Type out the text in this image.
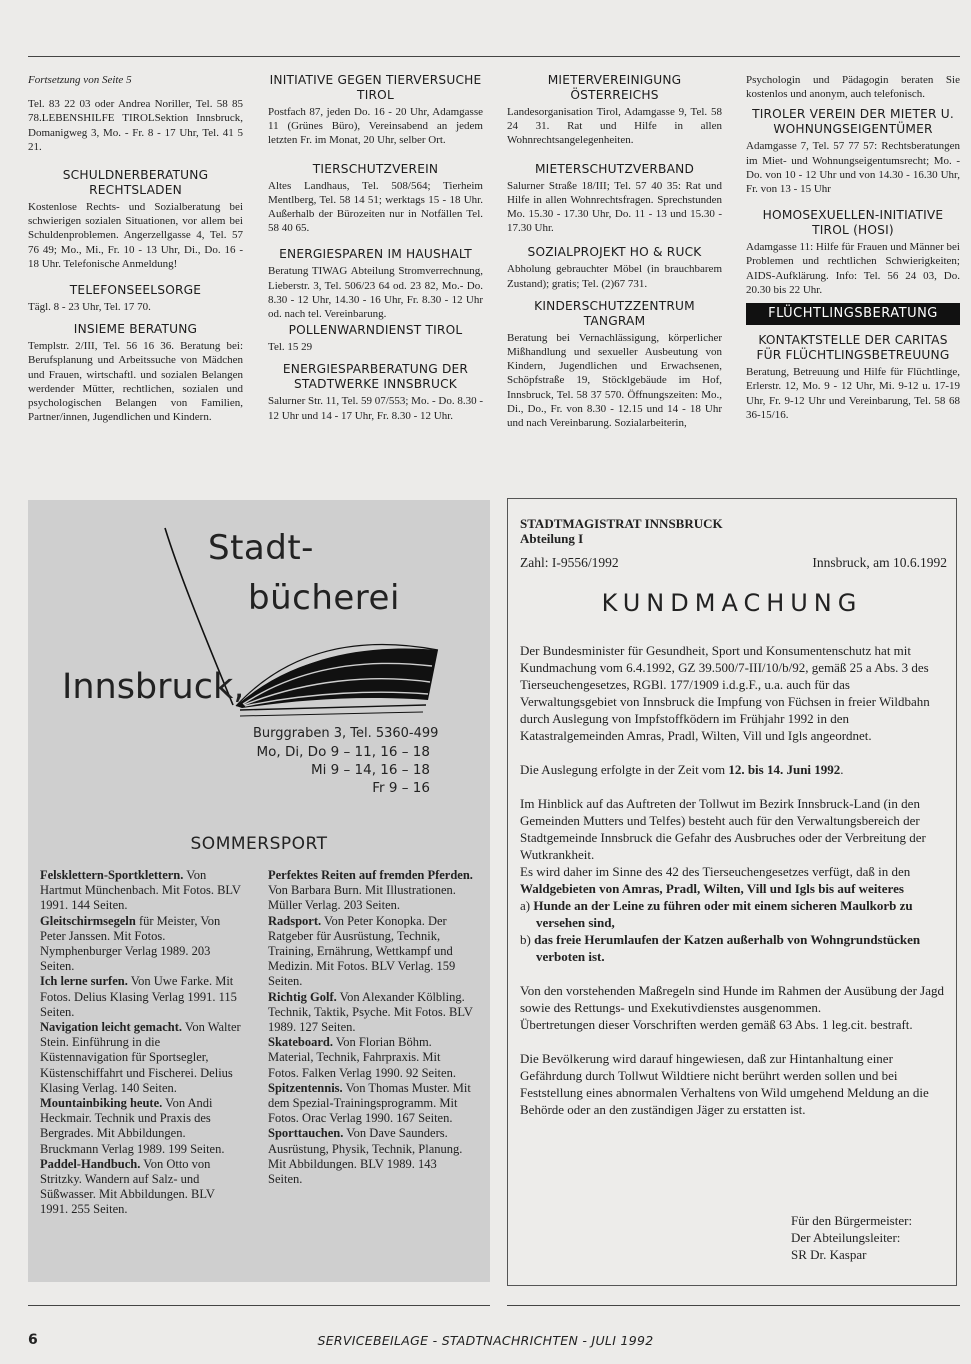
Fortsetzung von Seite 5

Tel. 83 22 03 oder Andrea Noriller, Tel. 58 85 78.LEBENSHILFE TIROLSektion Innsbruck, Domanigweg 3, Mo. - Fr. 8 - 17 Uhr, Tel. 41 5 21.

SCHULDNERBERATUNG RECHTSLADEN

Kostenlose Rechts- und Sozialberatung bei schwierigen sozialen Situationen, vor allem bei Schuldenproblemen. Angerzellgasse 4, Tel. 57 76 49; Mo., Mi., Fr. 10 - 13 Uhr, Di., Do. 16 - 18 Uhr. Telefonische Anmeldung!

TELEFONSEELSORGE

Tägl. 8 - 23 Uhr, Tel. 17 70.

INSIEME BERATUNG

Templstr. 2/III, Tel. 56 16 36. Beratung bei: Berufsplanung und Arbeitssuche von Mädchen und Frauen, wirtschaftl. und sozialen Belangen werdender Mütter, rechtlichen, sozialen und psychologischen Belangen von Familien, Partner/innen, Jugendlichen und Kindern.

INITIATIVE GEGEN TIERVERSUCHE TIROL

Postfach 87, jeden Do. 16 - 20 Uhr, Adamgasse 11 (Grünes Büro), Vereinsabend an jedem letzten Fr. im Monat, 20 Uhr, selber Ort.

TIERSCHUTZVEREIN

Altes Landhaus, Tel. 508/564; Tierheim Mentlberg, Tel. 58 14 51; werktags 15 - 18 Uhr. Außerhalb der Bürozeiten nur in Notfällen Tel. 58 40 65.

ENERGIESPAREN IM HAUSHALT

Beratung TIWAG Abteilung Stromverrechnung, Lieberstr. 3, Tel. 506/23 64 od. 23 82, Mo.- Do. 8.30 - 12 Uhr, 14.30 - 16 Uhr, Fr. 8.30 - 12 Uhr od. nach tel. Vereinbarung.

POLLENWARNDIENST TIROL

Tel. 15 29

ENERGIESPARBERATUNG DER STADTWERKE INNSBRUCK

Salurner Str. 11, Tel. 59 07/553; Mo. - Do. 8.30 - 12 Uhr und 14 - 17 Uhr, Fr. 8.30 - 12 Uhr.

MIETERVEREINIGUNG ÖSTERREICHS

Landesorganisation Tirol, Adamgasse 9, Tel. 58 24 31. Rat und Hilfe in allen Wohnrechtsangelegenheiten.

MIETERSCHUTZVERBAND

Salurner Straße 18/III; Tel. 57 40 35: Rat und Hilfe in allen Wohnrechtsfragen. Sprechstunden Mo. 15.30 - 17.30 Uhr, Do. 11 - 13 und 15.30 - 17.30 Uhr.

SOZIALPROJEKT HO & RUCK

Abholung gebrauchter Möbel (in brauchbarem Zustand); gratis; Tel. (2)67 731.

KINDERSCHUTZZENTRUM TANGRAM

Beratung bei Vernachlässigung, körperlicher Mißhandlung und sexueller Ausbeutung von Kindern, Jugendlichen und Erwachsenen, Schöpfstraße 19, Stöcklgebäude im Hof, Innsbruck, Tel. 58 37 570. Öffnungszeiten: Mo., Di., Do., Fr. von 8.30 - 12.15 und 14 - 18 Uhr und nach Vereinbarung. Sozialarbeiterin,

Psychologin und Pädagogin beraten Sie kostenlos und anonym, auch telefonisch.

TIROLER VEREIN DER MIETER U. WOHNUNGSEIGENTÜMER

Adamgasse 7, Tel. 57 77 57: Rechtsberatungen im Miet- und Wohnungseigentumsrecht; Mo. - Do. von 10 - 12 Uhr und von 14.30 - 16.30 Uhr, Fr. von 13 - 15 Uhr

HOMOSEXUELLEN-INITIATIVE TIROL (HOSI)

Adamgasse 11: Hilfe für Frauen und Männer bei Problemen und rechtlichen Schwierigkeiten; AIDS-Aufklärung. Info: Tel. 56 24 03, Do. 20.30 bis 22 Uhr.

FLÜCHTLINGSBERATUNG
KONTAKTSTELLE DER CARITAS FÜR FLÜCHTLINGSBETREUUNG

Beratung, Betreuung und Hilfe für Flüchtlinge, Erlerstr. 12, Mo. 9 - 12 Uhr, Mi. 9-12 u. 17-19 Uhr, Fr. 9-12 Uhr und Vereinbarung, Tel. 58 68 36-15/16.

Stadt-
bücherei
Innsbruck,
Burggraben 3, Tel. 5360-499
Mo, Di, Do 9 – 11, 16 – 18
Mi 9 – 14, 16 – 18
Fr 9 – 16
SOMMERSPORT

Felsklettern-Sportklettern. Von Hartmut Münchenbach. Mit Fotos. BLV 1991. 144 Seiten.

Gleitschirmsegeln für Meister, Von Peter Janssen. Mit Fotos. Nymphenburger Verlag 1989. 203 Seiten.

Ich lerne surfen. Von Uwe Farke. Mit Fotos. Delius Klasing Verlag 1991. 115 Seiten.

Navigation leicht gemacht. Von Walter Stein. Einführung in die Küstennavigation für Sportsegler, Küstenschiffahrt und Fischerei. Delius Klasing Verlag. 140 Seiten.

Mountainbiking heute. Von Andi Heckmair. Technik und Praxis des Bergrades. Mit Abbildungen. Bruckmann Verlag 1989. 199 Seiten.

Paddel-Handbuch. Von Otto von Stritzky. Wandern auf Salz- und Süßwasser. Mit Abbildungen. BLV 1991. 255 Seiten.

Perfektes Reiten auf fremden Pferden. Von Barbara Burn. Mit Illustrationen. Müller Verlag. 203 Seiten.

Radsport. Von Peter Konopka. Der Ratgeber für Ausrüstung, Technik, Training, Ernährung, Wettkampf und Medizin. Mit Fotos. BLV Verlag. 159 Seiten.

Richtig Golf. Von Alexander Kölbling. Technik, Taktik, Psyche. Mit Fotos. BLV 1989. 127 Seiten.

Skateboard. Von Florian Böhm. Material, Technik, Fahrpraxis. Mit Fotos. Falken Verlag 1990. 92 Seiten.

Spitzentennis. Von Thomas Muster. Mit dem Spezial-Trainingsprogramm. Mit Fotos. Orac Verlag 1990. 167 Seiten.

Sporttauchen. Von Dave Saunders. Ausrüstung, Physik, Technik, Planung. Mit Abbildungen. BLV 1989. 143 Seiten.

STADTMAGISTRAT INNSBRUCK
Abteilung I
Zahl: I-9556/1992	Innsbruck, am 10.6.1992
KUNDMACHUNG

Der Bundesminister für Gesundheit, Sport und Konsumentenschutz hat mit Kundmachung vom 6.4.1992, GZ 39.500/7-III/10/b/92, gemäß 25 a Abs. 3 des Tierseuchengesetzes, RGBl. 177/1909 i.d.g.F., u.a. auch für das Verwaltungsgebiet von Innsbruck die Impfung von Füchsen in freier Wildbahn durch Auslegung von Impfstoffködern im Frühjahr 1992 in den Katastralgemeinden Amras, Pradl, Wilten, Vill und Igls angeordnet.

Die Auslegung erfolgte in der Zeit vom 12. bis 14. Juni 1992.

Im Hinblick auf das Auftreten der Tollwut im Bezirk Innsbruck-Land (in den Gemeinden Mutters und Telfes) besteht auch für den Verwaltungsbereich der Stadtgemeinde Innsbruck die Gefahr des Ausbruches oder der Verbreitung der Wutkrankheit.

Es wird daher im Sinne des 42 des Tierseuchengesetzes verfügt, daß in den Waldgebieten von Amras, Pradl, Wilten, Vill und Igls bis auf weiteres

a) Hunde an der Leine zu führen oder mit einem sicheren Maulkorb zu versehen sind,

b) das freie Herumlaufen der Katzen außerhalb von Wohngrundstücken verboten ist.

Von den vorstehenden Maßregeln sind Hunde im Rahmen der Ausübung der Jagd sowie des Rettungs- und Exekutivdienstes ausgenommen.

Übertretungen dieser Vorschriften werden gemäß 63 Abs. 1 leg.cit. bestraft.

Die Bevölkerung wird darauf hingewiesen, daß zur Hintanhaltung einer Gefährdung durch Tollwut Wildtiere nicht berührt werden sollen und bei Feststellung eines abnormalen Verhaltens von Wild umgehend Meldung an die Behörde oder an den zuständigen Jäger zu erstatten ist.

Für den Bürgermeister:
Der Abteilungsleiter:
SR Dr. Kaspar
6	SERVICEBEILAGE - STADTNACHRICHTEN - JULI 1992
